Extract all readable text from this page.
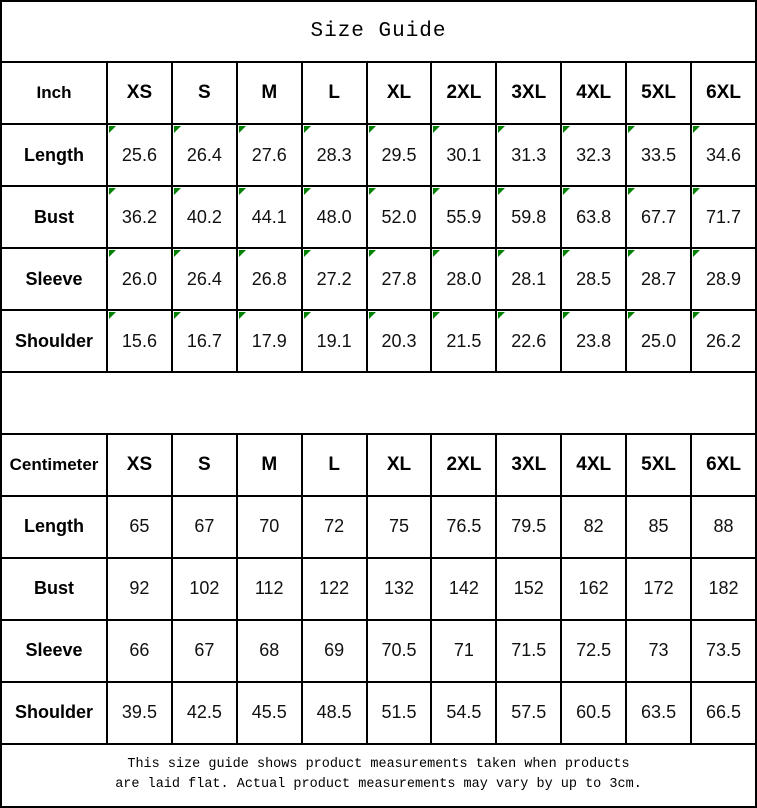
Size Guide										
Inch	XS	S	M	L	XL	2XL	3XL	4XL	5XL	6XL
Length	25.6	26.4	27.6	28.3	29.5	30.1	31.3	32.3	33.5	34.6
Bust	36.2	40.2	44.1	48.0	52.0	55.9	59.8	63.8	67.7	71.7
Sleeve	26.0	26.4	26.8	27.2	27.8	28.0	28.1	28.5	28.7	28.9
Shoulder	15.6	16.7	17.9	19.1	20.3	21.5	22.6	23.8	25.0	26.2

Centimeter	XS	S	M	L	XL	2XL	3XL	4XL	5XL	6XL
Length	65	67	70	72	75	76.5	79.5	82	85	88
Bust	92	102	112	122	132	142	152	162	172	182
Sleeve	66	67	68	69	70.5	71	71.5	72.5	73	73.5
Shoulder	39.5	42.5	45.5	48.5	51.5	54.5	57.5	60.5	63.5	66.5

This size guide shows product measurements taken when products
are laid flat. Actual product measurements may vary by up to 3cm.										
